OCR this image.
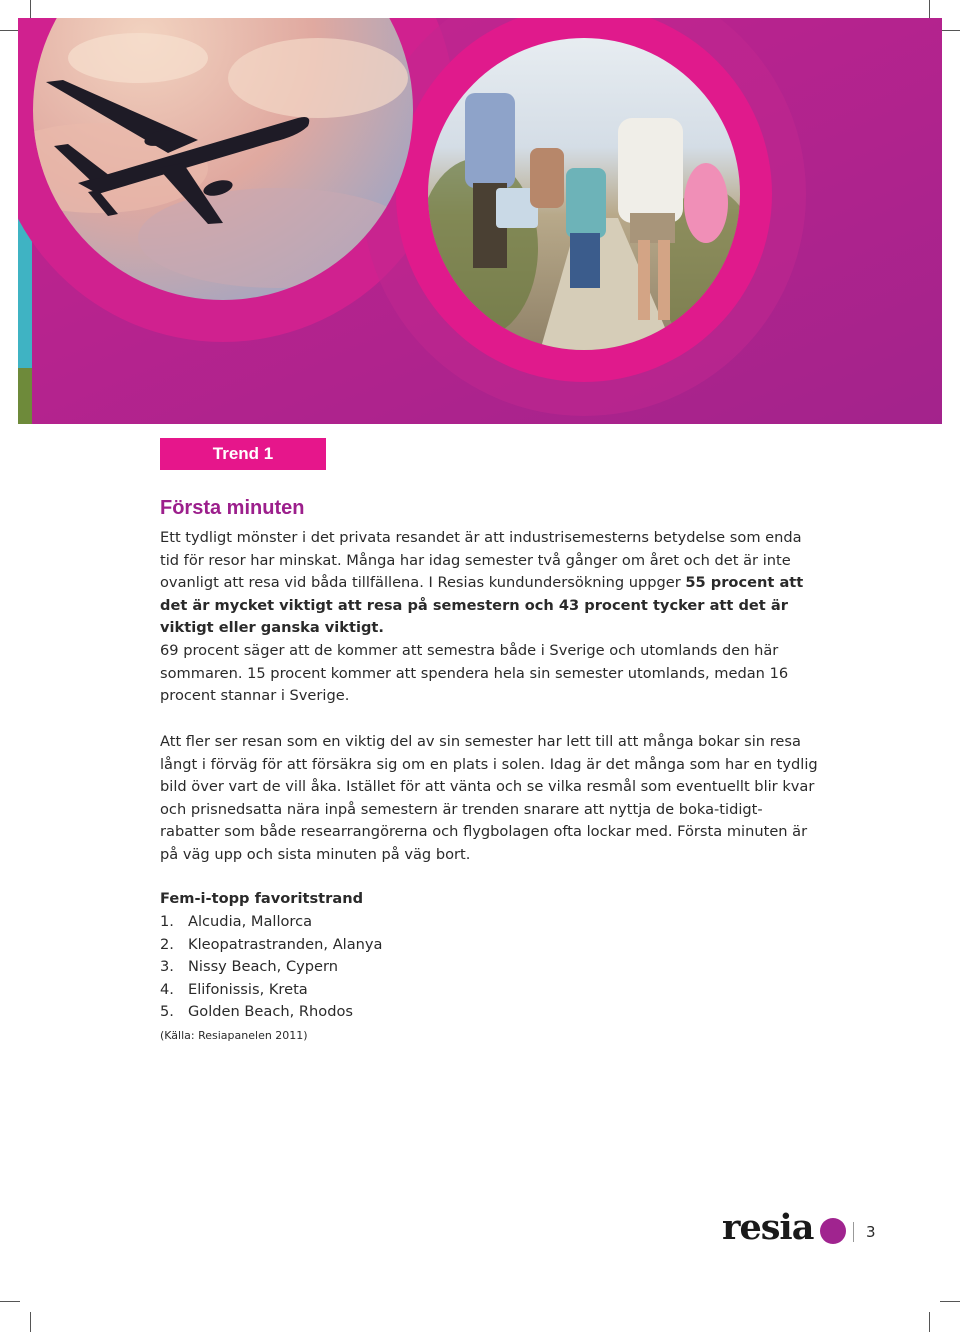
Trend 1
Första minuten

Ett tydligt mönster i det privata resandet är att industrisemesterns betydelse som enda tid för resor har minskat. Många har idag semester två gånger om året och det är inte ovanligt att resa vid båda tillfällena. I Resias kundundersökning uppger 55 procent att det är mycket viktigt att resa på semestern och 43 procent tycker att det är viktigt eller ganska viktigt.

69 procent säger att de kommer att semestra både i Sverige och utomlands den här sommaren. 15 procent kommer att spendera hela sin semester utomlands, medan 16 procent stannar i Sverige.

Att fler ser resan som en viktig del av sin semester har lett till att många bokar sin resa långt i förväg för att försäkra sig om en plats i solen. Idag är det många som har en tydlig bild över vart de vill åka. Istället för att vänta och se vilka resmål som eventuellt blir kvar och prisnedsatta nära inpå semestern är trenden snarare att nyttja de boka-tidigt-rabatter som både researrangörerna och flygbolagen ofta lockar med. Första minuten är på väg upp och sista minuten på väg bort.

Fem-i-topp favoritstrand

1. Alcudia, Mallorca
2. Kleopatrastranden, Alanya
3. Nissy Beach, Cypern
4. Elifonissis, Kreta
5. Golden Beach, Rhodos

(Källa: Resiapanelen 2011)

resia	3
